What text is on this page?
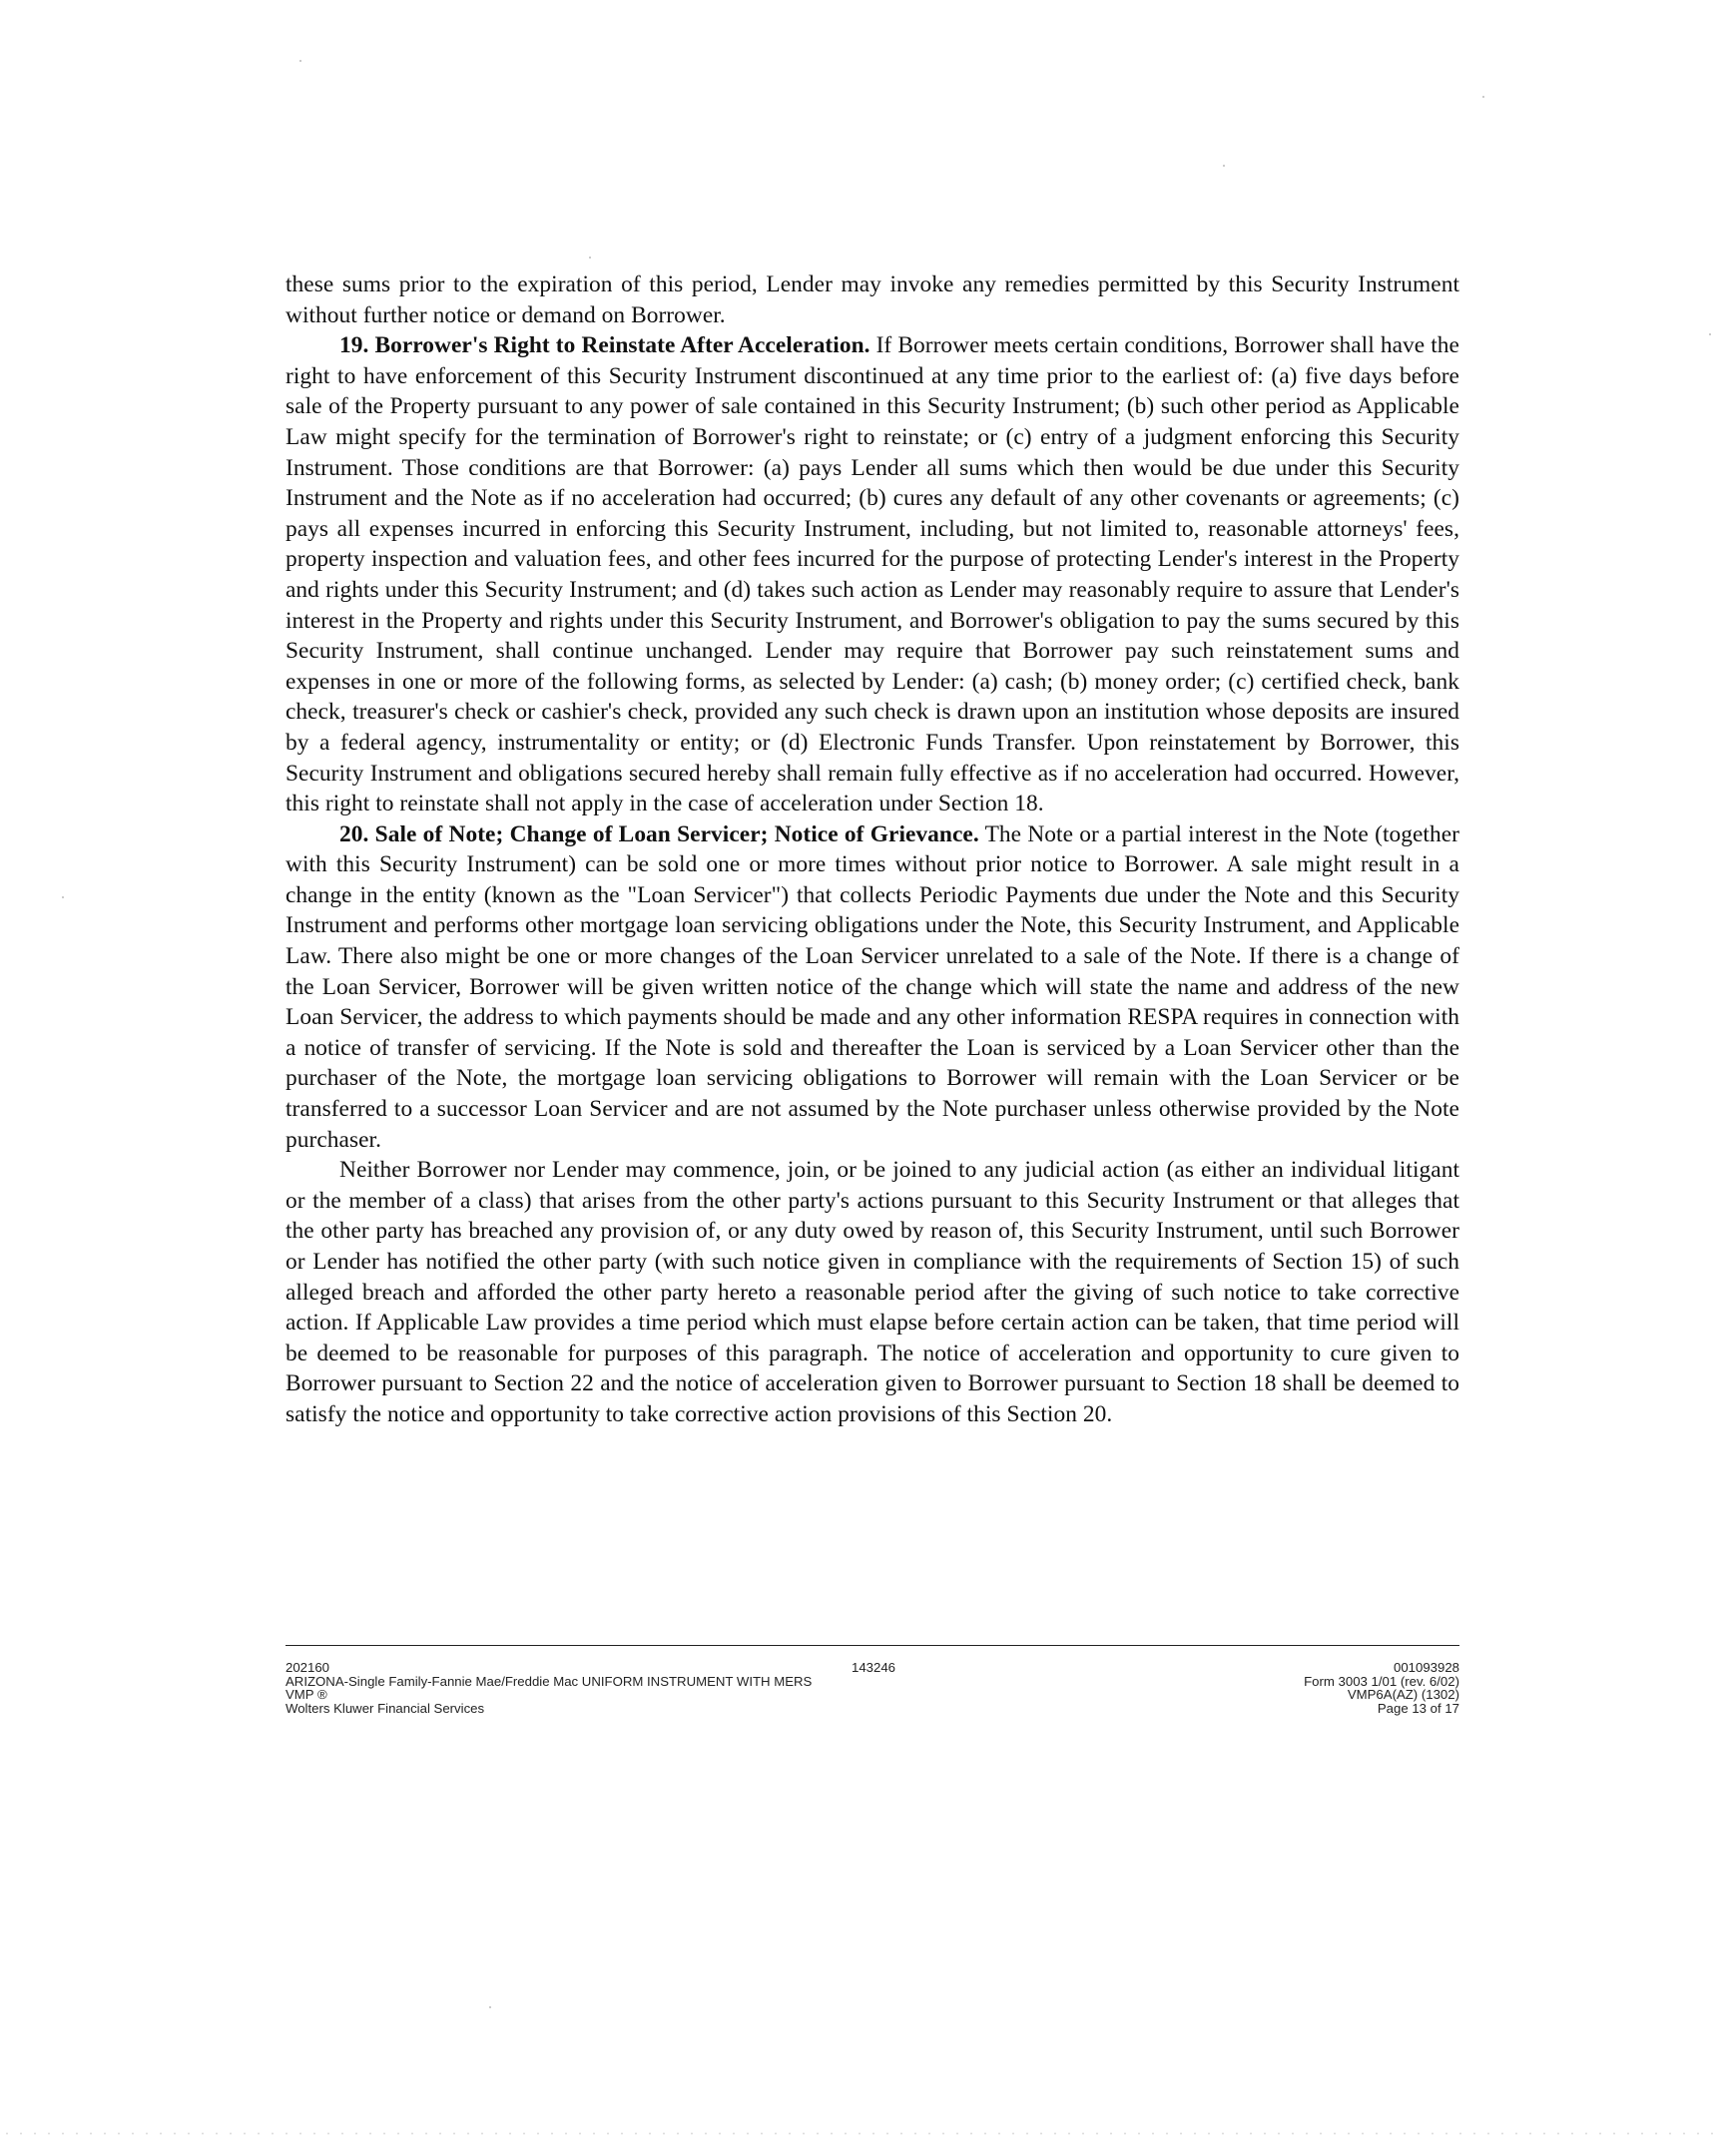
these sums prior to the expiration of this period, Lender may invoke any remedies permitted by this Security Instrument without further notice or demand on Borrower.

19. Borrower's Right to Reinstate After Acceleration. If Borrower meets certain conditions, Borrower shall have the right to have enforcement of this Security Instrument discontinued at any time prior to the earliest of: (a) five days before sale of the Property pursuant to any power of sale contained in this Security Instrument; (b) such other period as Applicable Law might specify for the termination of Borrower's right to reinstate; or (c) entry of a judgment enforcing this Security Instrument. Those conditions are that Borrower: (a) pays Lender all sums which then would be due under this Security Instrument and the Note as if no acceleration had occurred; (b) cures any default of any other covenants or agreements; (c) pays all expenses incurred in enforcing this Security Instrument, including, but not limited to, reasonable attorneys' fees, property inspection and valuation fees, and other fees incurred for the purpose of protecting Lender's interest in the Property and rights under this Security Instrument; and (d) takes such action as Lender may reasonably require to assure that Lender's interest in the Property and rights under this Security Instrument, and Borrower's obligation to pay the sums secured by this Security Instrument, shall continue unchanged. Lender may require that Borrower pay such reinstatement sums and expenses in one or more of the following forms, as selected by Lender: (a) cash; (b) money order; (c) certified check, bank check, treasurer's check or cashier's check, provided any such check is drawn upon an institution whose deposits are insured by a federal agency, instrumentality or entity; or (d) Electronic Funds Transfer. Upon reinstatement by Borrower, this Security Instrument and obligations secured hereby shall remain fully effective as if no acceleration had occurred. However, this right to reinstate shall not apply in the case of acceleration under Section 18.

20. Sale of Note; Change of Loan Servicer; Notice of Grievance. The Note or a partial interest in the Note (together with this Security Instrument) can be sold one or more times without prior notice to Borrower. A sale might result in a change in the entity (known as the "Loan Servicer") that collects Periodic Payments due under the Note and this Security Instrument and performs other mortgage loan servicing obligations under the Note, this Security Instrument, and Applicable Law. There also might be one or more changes of the Loan Servicer unrelated to a sale of the Note. If there is a change of the Loan Servicer, Borrower will be given written notice of the change which will state the name and address of the new Loan Servicer, the address to which payments should be made and any other information RESPA requires in connection with a notice of transfer of servicing. If the Note is sold and thereafter the Loan is serviced by a Loan Servicer other than the purchaser of the Note, the mortgage loan servicing obligations to Borrower will remain with the Loan Servicer or be transferred to a successor Loan Servicer and are not assumed by the Note purchaser unless otherwise provided by the Note purchaser.

Neither Borrower nor Lender may commence, join, or be joined to any judicial action (as either an individual litigant or the member of a class) that arises from the other party's actions pursuant to this Security Instrument or that alleges that the other party has breached any provision of, or any duty owed by reason of, this Security Instrument, until such Borrower or Lender has notified the other party (with such notice given in compliance with the requirements of Section 15) of such alleged breach and afforded the other party hereto a reasonable period after the giving of such notice to take corrective action. If Applicable Law provides a time period which must elapse before certain action can be taken, that time period will be deemed to be reasonable for purposes of this paragraph. The notice of acceleration and opportunity to cure given to Borrower pursuant to Section 22 and the notice of acceleration given to Borrower pursuant to Section 18 shall be deemed to satisfy the notice and opportunity to take corrective action provisions of this Section 20.

202160
ARIZONA-Single Family-Fannie Mae/Freddie Mac UNIFORM INSTRUMENT WITH MERS
VMP ®
Wolters Kluwer Financial Services
143246	001093928
Form 3003 1/01 (rev. 6/02)
VMP6A(AZ) (1302)
Page 13 of 17
